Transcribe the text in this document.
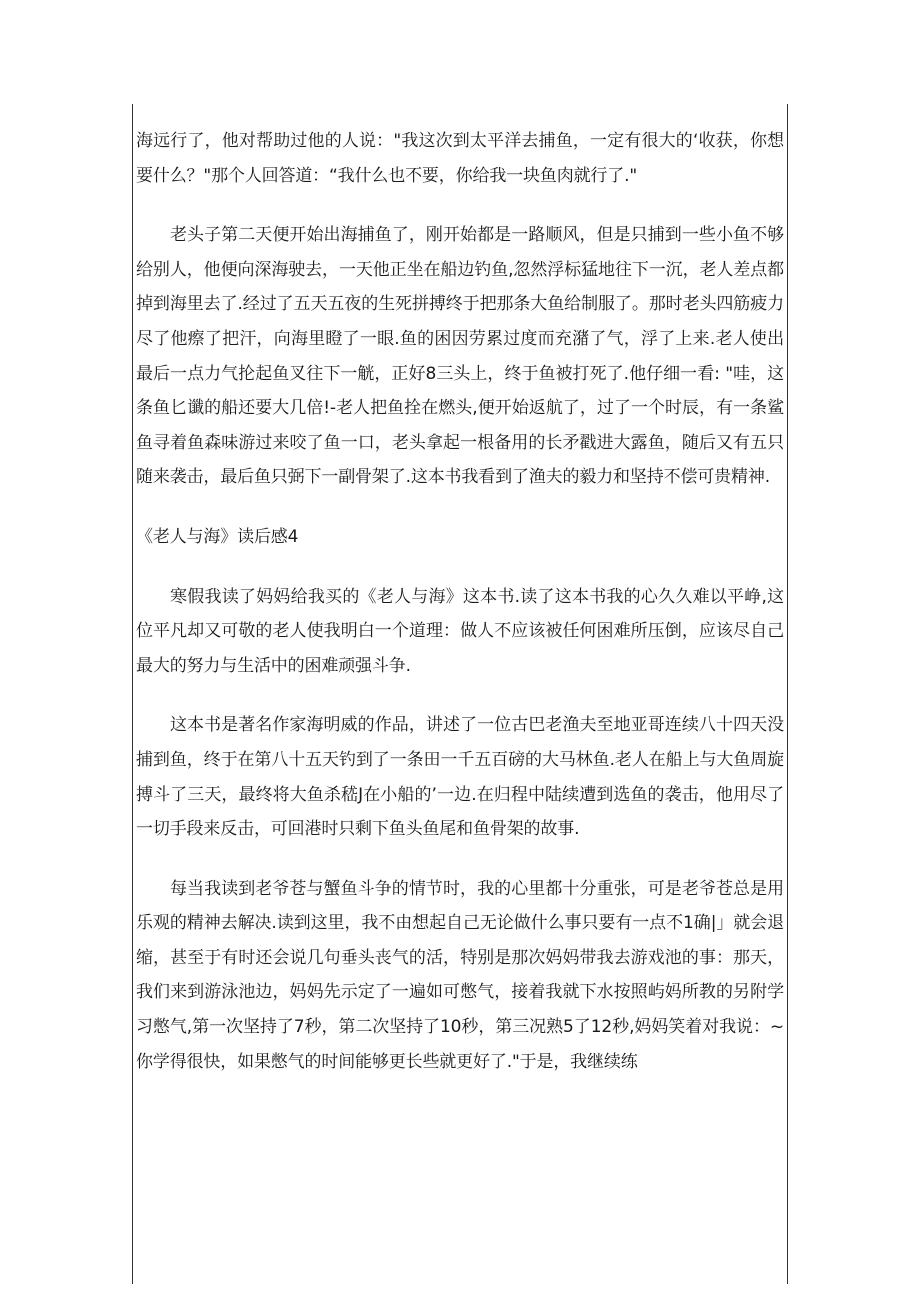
海远行了，他对帮助过他的人说："我这次到太平洋去捕鱼，一定有很大的‘收获，你想要什么？"那个人回答道：“我什么也不要，你给我一块鱼肉就行了."

老头子第二天便开始出海捕鱼了，刚开始都是一路顺风，但是只捕到一些小鱼不够给别人，他便向深海驶去，一天他正坐在船边钓鱼,忽然浮标猛地往下一沉，老人差点都掉到海里去了.经过了五天五夜的生死拼搏终于把那条大鱼给制服了。那时老头四筋疲力尽了他瘵了把汗，向海里瞪了一眼.鱼的困因劳累过度而充潴了气，浮了上来.老人使出最后一点力气抡起鱼叉往下一觥，正好8三头上，终于鱼被打死了.他仔细一看: "哇，这条鱼匕谶的船还要大几倍!-老人把鱼拴在燃头,便开始返航了，过了一个时辰，有一条鲨鱼寻着鱼森味游过来咬了鱼一口，老头拿起一根备用的长矛戳进大露鱼，随后又有五只随来袭击，最后鱼只弼下一副骨架了.这本书我看到了渔夫的毅力和坚持不偿可贵精神.

《老人与海》读后感4

寒假我读了妈妈给我买的《老人与海》这本书.读了这本书我的心久久难以平峥,这位平凡却又可敬的老人使我明白一个道理：做人不应该被任何困难所压倒，应该尽自己最大的努力与生活中的困难顽强斗争.

这本书是著名作家海明威的作品，讲述了一位古巴老渔夫至地亚哥连续八十四天没捕到鱼，终于在第八十五天钓到了一条田一千五百磅的大马林鱼.老人在船上与大鱼周旋搏斗了三天，最终将大鱼杀嵇J在小船的’一边.在归程中陆续遭到选鱼的袭击，他用尽了一切手段来反击，可回港时只剩下鱼头鱼尾和鱼骨架的故事.

每当我读到老爷苍与蟹鱼斗争的情节时，我的心里都十分重张，可是老爷苍总是用乐观的精神去解决.读到这里，我不由想起自己无论做什么事只要有一点不1确|」就会退缩，甚至于有时还会说几句垂头丧气的活，特别是那次妈妈带我去游戏池的事：那天，我们来到游泳池边，妈妈先示定了一遍如可憋气，接着我就下水按照屿妈所教的另附学习憋气,第一次坚持了7秒，第二次坚持了10秒，第三况熟5了12秒,妈妈笑着对我说：~你学得很快，如果憋气的时间能够更长些就更好了."于是，我继续练
